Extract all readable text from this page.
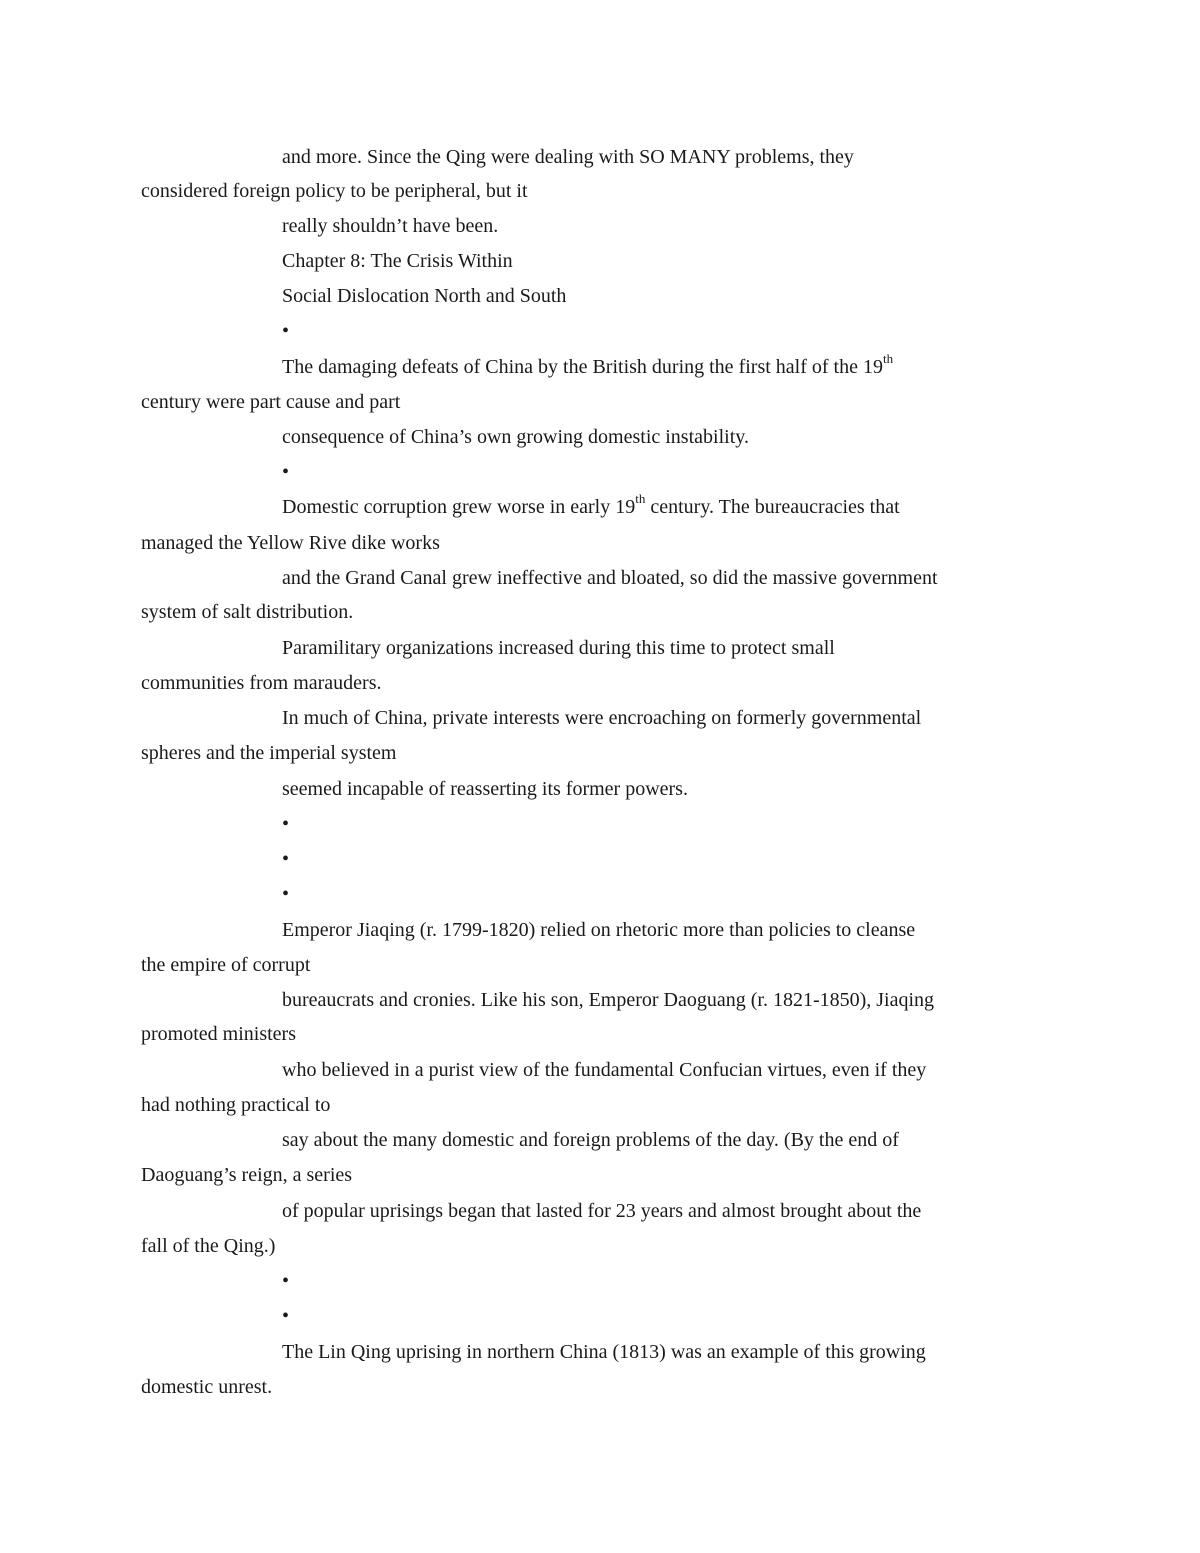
and more. Since the Qing were dealing with SO MANY problems, they
considered foreign policy to be peripheral, but it
really shouldn’t have been.
Chapter 8: The Crisis Within
Social Dislocation North and South
•
The damaging defeats of China by the British during the first half of the 19th
century were part cause and part
consequence of China’s own growing domestic instability.
•
Domestic corruption grew worse in early 19th century. The bureaucracies that
managed the Yellow Rive dike works
and the Grand Canal grew ineffective and bloated, so did the massive government
system of salt distribution.
Paramilitary organizations increased during this time to protect small
communities from marauders.
In much of China, private interests were encroaching on formerly governmental
spheres and the imperial system
seemed incapable of reasserting its former powers.
•
•
•
Emperor Jiaqing (r. 1799-1820) relied on rhetoric more than policies to cleanse
the empire of corrupt
bureaucrats and cronies. Like his son, Emperor Daoguang (r. 1821-1850), Jiaqing
promoted ministers
who believed in a purist view of the fundamental Confucian virtues, even if they
had nothing practical to
say about the many domestic and foreign problems of the day. (By the end of
Daoguang’s reign, a series
of popular uprisings began that lasted for 23 years and almost brought about the
fall of the Qing.)
•
•
The Lin Qing uprising in northern China (1813) was an example of this growing
domestic unrest.
